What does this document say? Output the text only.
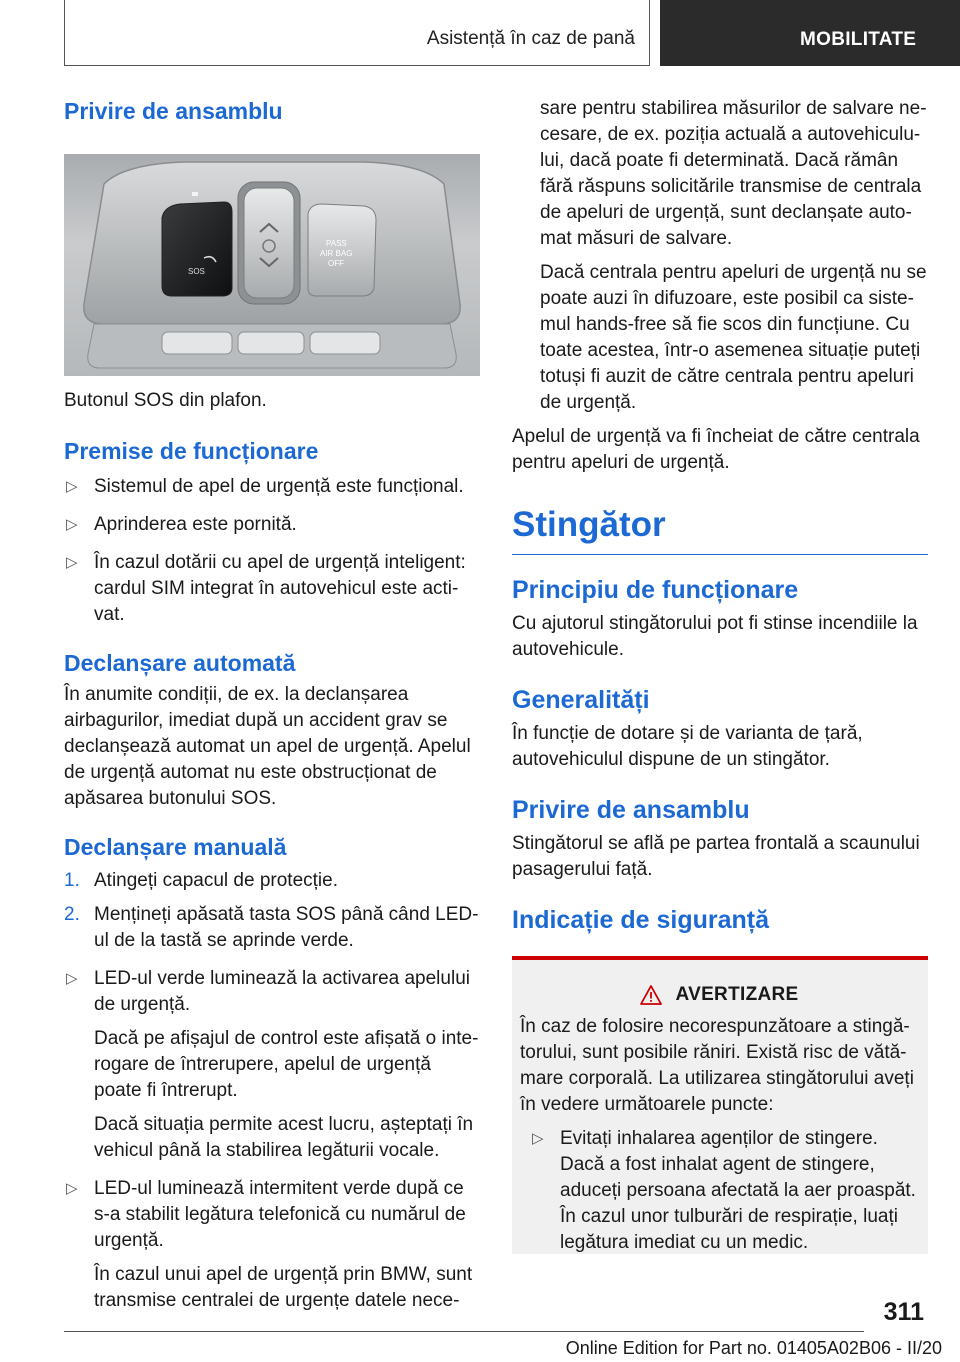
Asistență în caz de pană	MOBILITATE
Privire de ansamblu
SOS
PASS
AIR BAG
OFF

Butonul SOS din plafon.

Premise de funcționare
▷ Sistemul de apel de urgență este funcțional.
▷ Aprinderea este pornită.
▷ În cazul dotării cu apel de urgență inteligent: cardul SIM integrat în autovehicul este activat.
Declanșare automată

În anumite condiții, de ex. la declanșarea airbagurilor, imediat după un accident grav se declanșează automat un apel de urgență. Apelul de urgență automat nu este obstrucționat de apăsarea butonului SOS.

Declanșare manuală
1. Atingeți capacul de protecție.
2. Mențineți apăsată tasta SOS până când LED-ul de la tastă se aprinde verde.
▷ LED-ul verde luminează la activarea apelului de urgență.

Dacă pe afișajul de control este afișată o interogare de întrerupere, apelul de urgență poate fi întrerupt.

Dacă situația permite acest lucru, așteptați în vehicul până la stabilirea legăturii vocale.

▷ LED-ul luminează intermitent verde după ce s-a stabilit legătura telefonică cu numărul de urgență.

În cazul unui apel de urgență prin BMW, sunt transmise centralei de urgențe datele nece-

sare pentru stabilirea măsurilor de salvare necesare, de ex. poziția actuală a autovehiculului, dacă poate fi determinată. Dacă rămân fără răspuns solicitările transmise de centrala de apeluri de urgență, sunt declanșate automat măsuri de salvare.

Dacă centrala pentru apeluri de urgență nu se poate auzi în difuzoare, este posibil ca sistemul hands-free să fie scos din funcțiune. Cu toate acestea, într-o asemenea situație puteți totuși fi auzit de către centrala pentru apeluri de urgență.

Apelul de urgență va fi încheiat de către centrala pentru apeluri de urgență.

Stingător
Principiu de funcționare

Cu ajutorul stingătorului pot fi stinse incendiile la autovehicule.

Generalități

În funcție de dotare și de varianta de țară, autovehiculul dispune de un stingător.

Privire de ansamblu

Stingătorul se află pe partea frontală a scaunului pasagerului față.

Indicație de siguranță
AVERTIZARE

În caz de folosire necorespunzătoare a stingătorului, sunt posibile răniri. Există risc de vătămare corporală. La utilizarea stingătorului aveți în vedere următoarele puncte:

▷ Evitați inhalarea agenților de stingere. Dacă a fost inhalat agent de stingere, aduceți persoana afectată la aer proaspăt. În cazul unor tulburări de respirație, luați legătura imediat cu un medic.
311
Online Edition for Part no. 01405A02B06 - II/20
